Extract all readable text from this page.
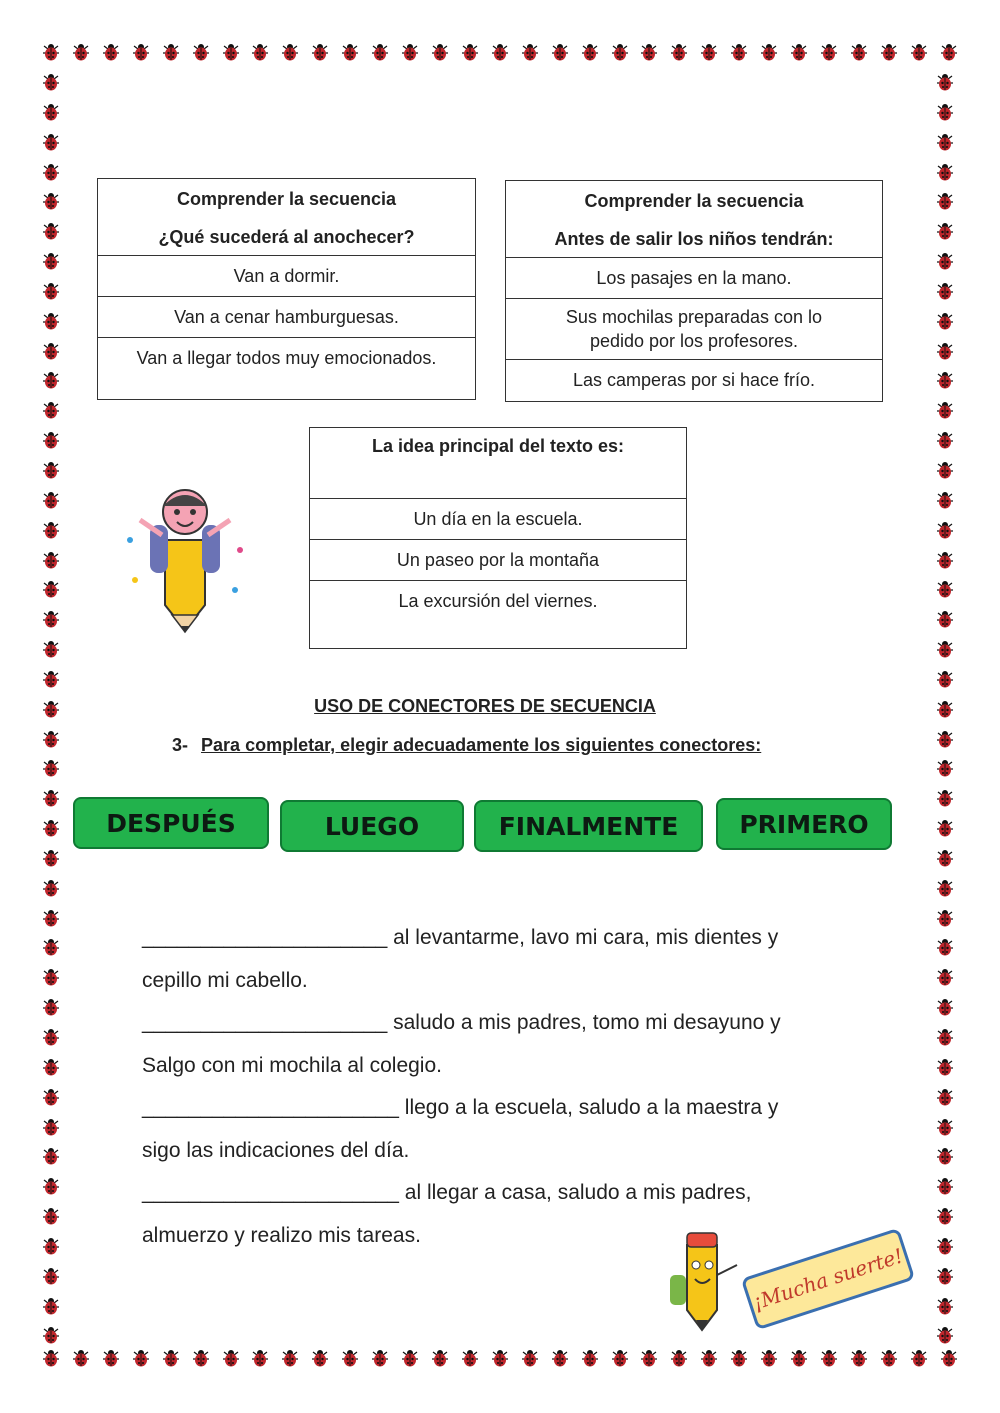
Comprender la secuencia
¿Qué sucederá al anochecer?
Van a dormir.
Van a cenar hamburguesas.
Van a llegar todos muy emocionados.
Comprender la secuencia
Antes de salir los niños tendrán:
Los pasajes en la mano.
Sus mochilas preparadas con lo pedido por los profesores.
Las camperas por si hace frío.
La idea principal del texto es:
Un día en la escuela.
Un paseo por la montaña
La excursión del viernes.
USO DE CONECTORES DE SECUENCIA
3- Para completar, elegir adecuadamente los siguientes conectores:
DESPUÉS	LUEGO	FINALMENTE	PRIMERO
_____________________ al levantarme, lavo mi cara, mis dientes y
cepillo mi cabello.
_____________________ saludo a mis padres, tomo mi desayuno y
Salgo con mi mochila al colegio.
______________________ llego a la escuela, saludo a la maestra y
sigo las indicaciones del día.
______________________ al llegar a casa, saludo a mis padres,
almuerzo y realizo mis tareas.
¡Mucha suerte!
